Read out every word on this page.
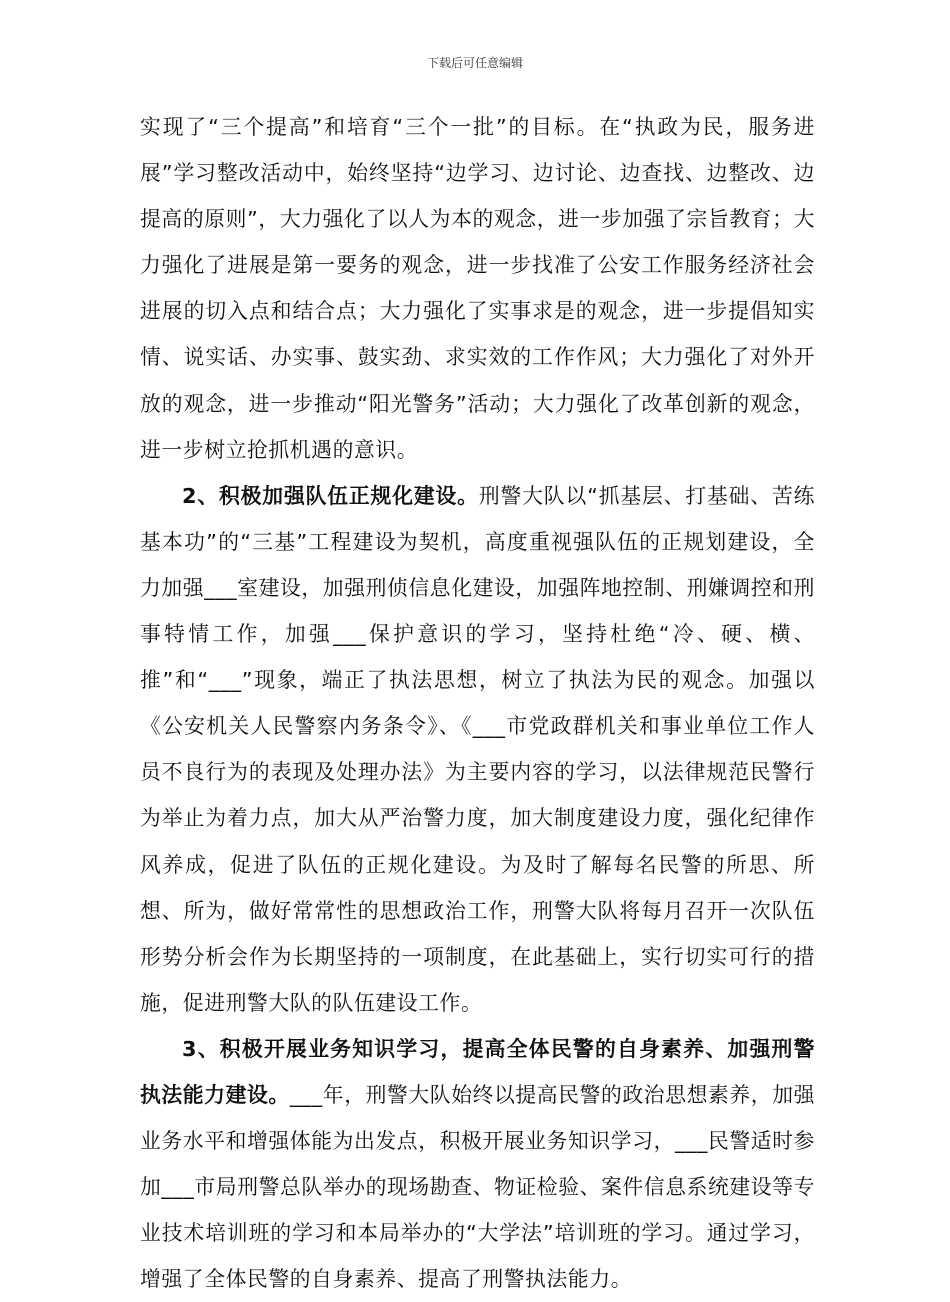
下载后可任意编辑

实现了“三个提高”和培育“三个一批”的目标。在“执政为民，服务进展”学习整改活动中，始终坚持“边学习、边讨论、边查找、边整改、边提高的原则”，大力强化了以人为本的观念，进一步加强了宗旨教育；大力强化了进展是第一要务的观念，进一步找准了公安工作服务经济社会进展的切入点和结合点；大力强化了实事求是的观念，进一步提倡知实情、说实话、办实事、鼓实劲、求实效的工作作风；大力强化了对外开放的观念，进一步推动“阳光警务”活动；大力强化了改革创新的观念，进一步树立抢抓机遇的意识。

2、积极加强队伍正规化建设。刑警大队以“抓基层、打基础、苦练基本功”的“三基”工程建设为契机，高度重视强队伍的正规划建设，全力加强___室建设，加强刑侦信息化建设，加强阵地控制、刑嫌调控和刑事特情工作，加强___保护意识的学习，坚持杜绝“冷、硬、横、推”和“___”现象，端正了执法思想，树立了执法为民的观念。加强以《公安机关人民警察内务条令》、《___市党政群机关和事业单位工作人员不良行为的表现及处理办法》为主要内容的学习，以法律规范民警行为举止为着力点，加大从严治警力度，加大制度建设力度，强化纪律作风养成，促进了队伍的正规化建设。为及时了解每名民警的所思、所想、所为，做好常常性的思想政治工作，刑警大队将每月召开一次队伍形势分析会作为长期坚持的一项制度，在此基础上，实行切实可行的措施，促进刑警大队的队伍建设工作。

3、积极开展业务知识学习，提高全体民警的自身素养、加强刑警执法能力建设。___年，刑警大队始终以提高民警的政治思想素养，加强业务水平和增强体能为出发点，积极开展业务知识学习，___民警适时参加___市局刑警总队举办的现场勘查、物证检验、案件信息系统建设等专业技术培训班的学习和本局举办的“大学法”培训班的学习。通过学习，增强了全体民警的自身素养、提高了刑警执法能力。
